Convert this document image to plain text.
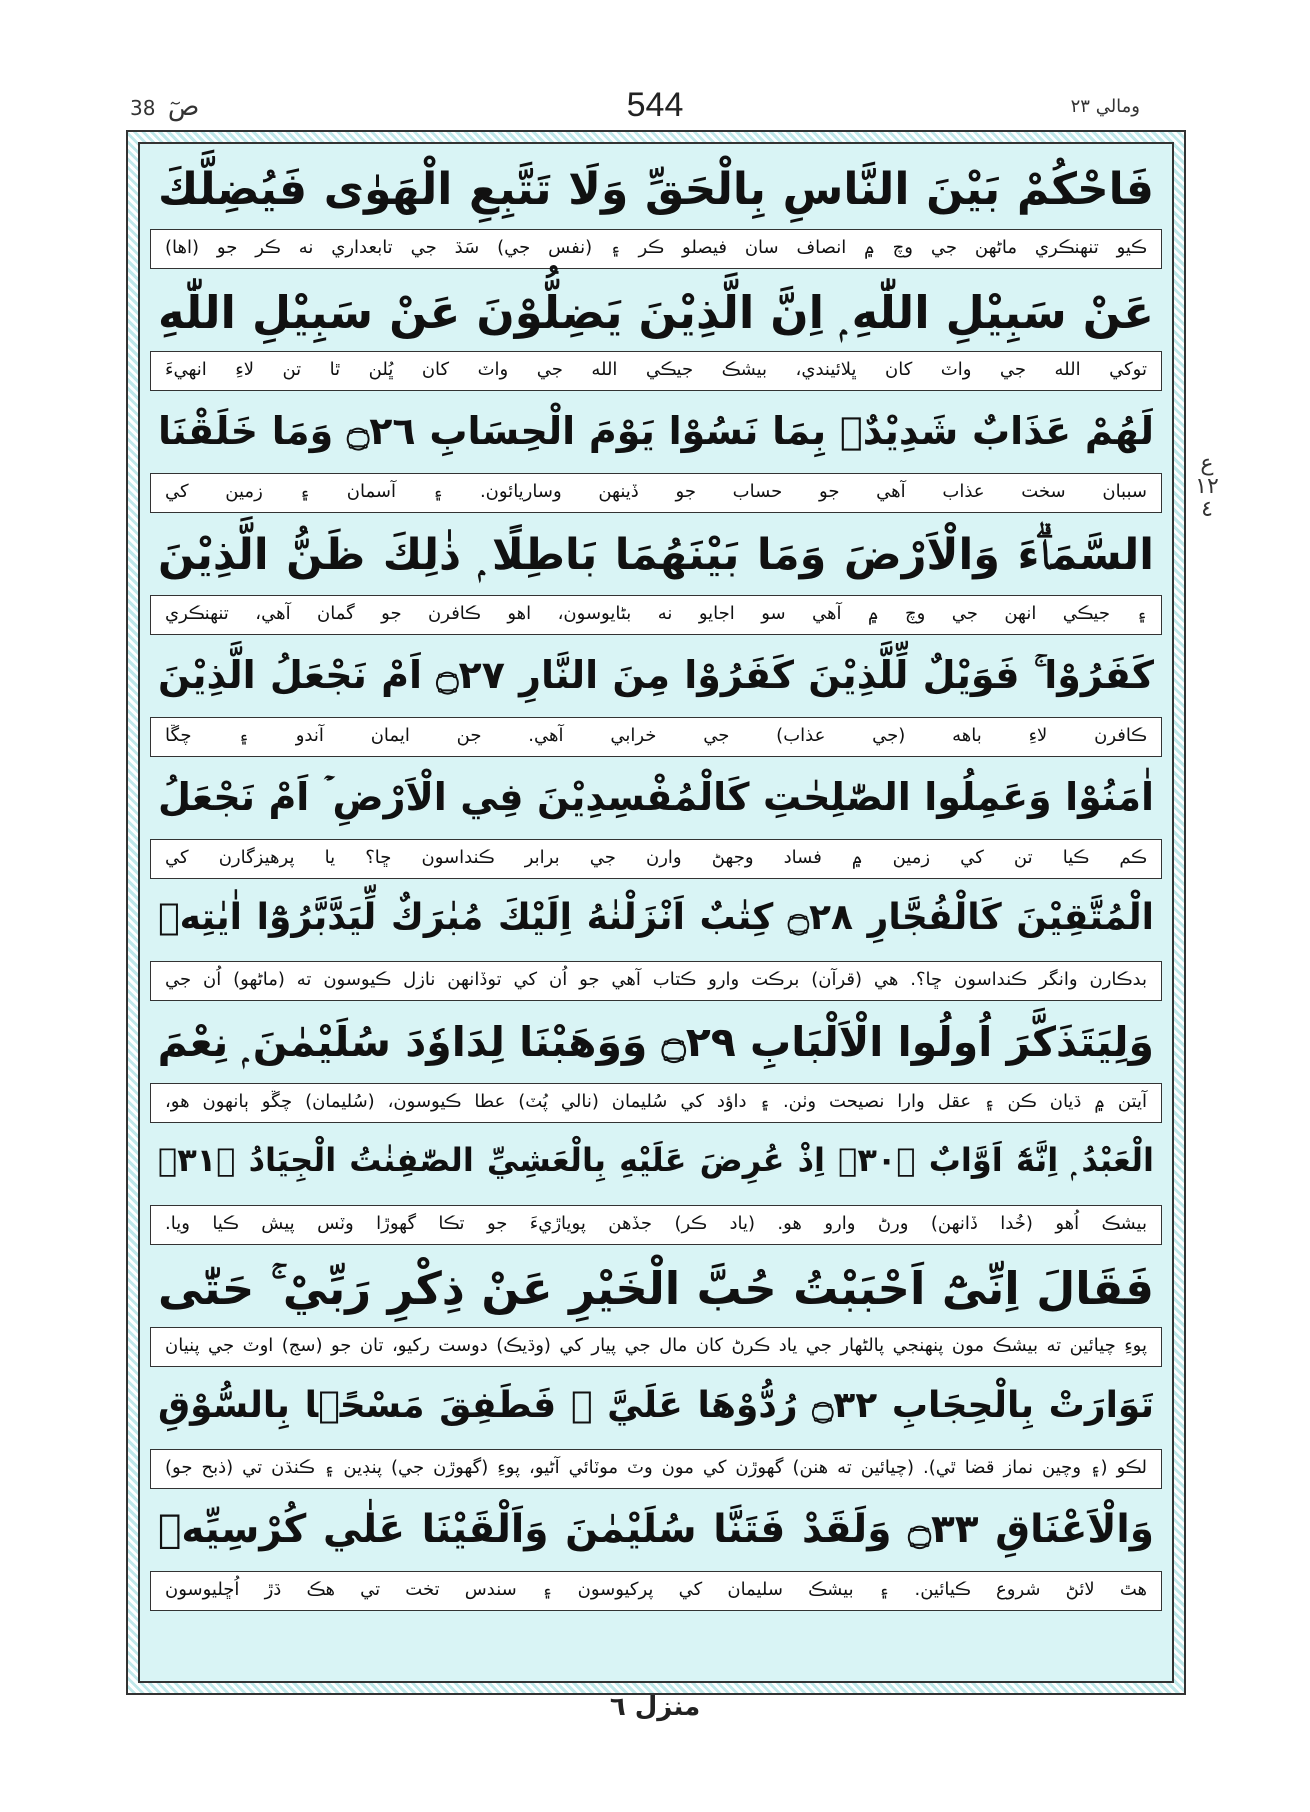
38 صٓ	544	ومالي ٢٣
فَاحْكُمْ بَيْنَ النَّاسِ بِالْحَقِّ وَلَا تَتَّبِعِ الْهَوٰى فَيُضِلَّكَ
ڪيو تنهنڪري ماڻهن جي وچ ۾ انصاف سان فيصلو ڪر ۽ (نفس جي) سَڌ جي تابعداري نه ڪر جو (اها)
عَنْ سَبِيْلِ اللّٰهِ ۭ اِنَّ الَّذِيْنَ يَضِلُّوْنَ عَنْ سَبِيْلِ اللّٰهِ
توکي الله جي واٽ کان ڀلائيندي، بيشڪ جيڪي الله جي واٽ کان ڀُلن ٿا تن لاءِ انهيءَ
لَهُمْ عَذَابٌ شَدِيْدٌۢ بِمَا نَسُوْا يَوْمَ الْحِسَابِ ۝٢٦ وَمَا خَلَقْنَا
سببان سخت عذاب آهي جو حساب جو ڏينهن وساريائون. ۽ آسمان ۽ زمين کي
السَّمَاۗءَ وَالْاَرْضَ وَمَا بَيْنَهُمَا بَاطِلًا ۭ ذٰلِكَ ظَنُّ الَّذِيْنَ
۽ جيڪي انهن جي وچ ۾ آهي سو اجايو نه بڻايوسون، اهو ڪافرن جو گمان آهي، تنهنڪري
كَفَرُوْا ۚ فَوَيْلٌ لِّلَّذِيْنَ كَفَرُوْا مِنَ النَّارِ ۝٢٧ اَمْ نَجْعَلُ الَّذِيْنَ
ڪافرن لاءِ باهه (جي عذاب) جي خرابي آهي. جن ايمان آندو ۽ چڱا
اٰمَنُوْا وَعَمِلُوا الصّٰلِحٰتِ كَالْمُفْسِدِيْنَ فِي الْاَرْضِ ۡ اَمْ نَجْعَلُ
ڪم ڪيا تن کي زمين ۾ فساد وجهڻ وارن جي برابر ڪنداسون ڇا؟ يا پرهيزگارن کي
الْمُتَّقِيْنَ كَالْفُجَّارِ ۝٢٨ كِتٰبٌ اَنْزَلْنٰهُ اِلَيْكَ مُبٰرَكٌ لِّيَدَّبَّرُوْٓا اٰيٰتِهٖ
بدڪارن وانگر ڪنداسون ڇا؟. هي (قرآن) برڪت وارو ڪتاب آهي جو اُن کي توڏانهن نازل ڪيوسون ته (ماڻهو) اُن جي
وَلِيَتَذَكَّرَ اُولُوا الْاَلْبَابِ ۝٢٩ وَوَهَبْنَا لِدَاوٗدَ سُلَيْمٰنَ ۭ نِعْمَ
آيتن ۾ ڌيان ڪن ۽ عقل وارا نصيحت وٺن. ۽ داؤد کي سُليمان (نالي پُٽ) عطا ڪيوسون، (سُليمان) چڱو ٻانهون هو،
الْعَبْدُ ۭ اِنَّهٗٓ اَوَّابٌ ۝٣٠ۭ اِذْ عُرِضَ عَلَيْهِ بِالْعَشِيِّ الصّٰفِنٰتُ الْجِيَادُ ۝٣١ۙ
بيشڪ اُهو (خُدا ڏانهن) ورڻ وارو هو. (ياد ڪر) جڏهن پوياڙيءَ جو تڪا گهوڙا وٽس پيش ڪيا ويا.
فَقَالَ اِنِّىْٓ اَحْبَبْتُ حُبَّ الْخَيْرِ عَنْ ذِكْرِ رَبِّيْ ۚ حَتّٰى
پوءِ چيائين ته بيشڪ مون پنهنجي پالڻهار جي ياد ڪرڻ کان مال جي پيار کي (وڌيڪ) دوست رکيو، تان جو (سج) اوٽ جي پنيان
تَوَارَتْ بِالْحِجَابِ ۝٣٢ رُدُّوْهَا عَلَيَّ ۭ فَطَفِقَ مَسْحًۢا بِالسُّوْقِ
لڪو (۽ وچين نماز قضا ٿي). (چيائين ته هنن) گهوڙن کي مون وٽ موٽائي آڻيو، پوءِ (گهوڙن جي) پنڊين ۽ ڪنڌن تي (ذبح جو)
وَالْاَعْنَاقِ ۝٣٣ وَلَقَدْ فَتَنَّا سُلَيْمٰنَ وَاَلْقَيْنَا عَلٰي كُرْسِيِّهٖ
هٿ لائڻ شروع ڪيائين. ۽ بيشڪ سليمان کي پرکيوسون ۽ سندس تخت تي هڪ ڌڙ اُڇليوسون
ع ١٢ ٤
منزل ٦
